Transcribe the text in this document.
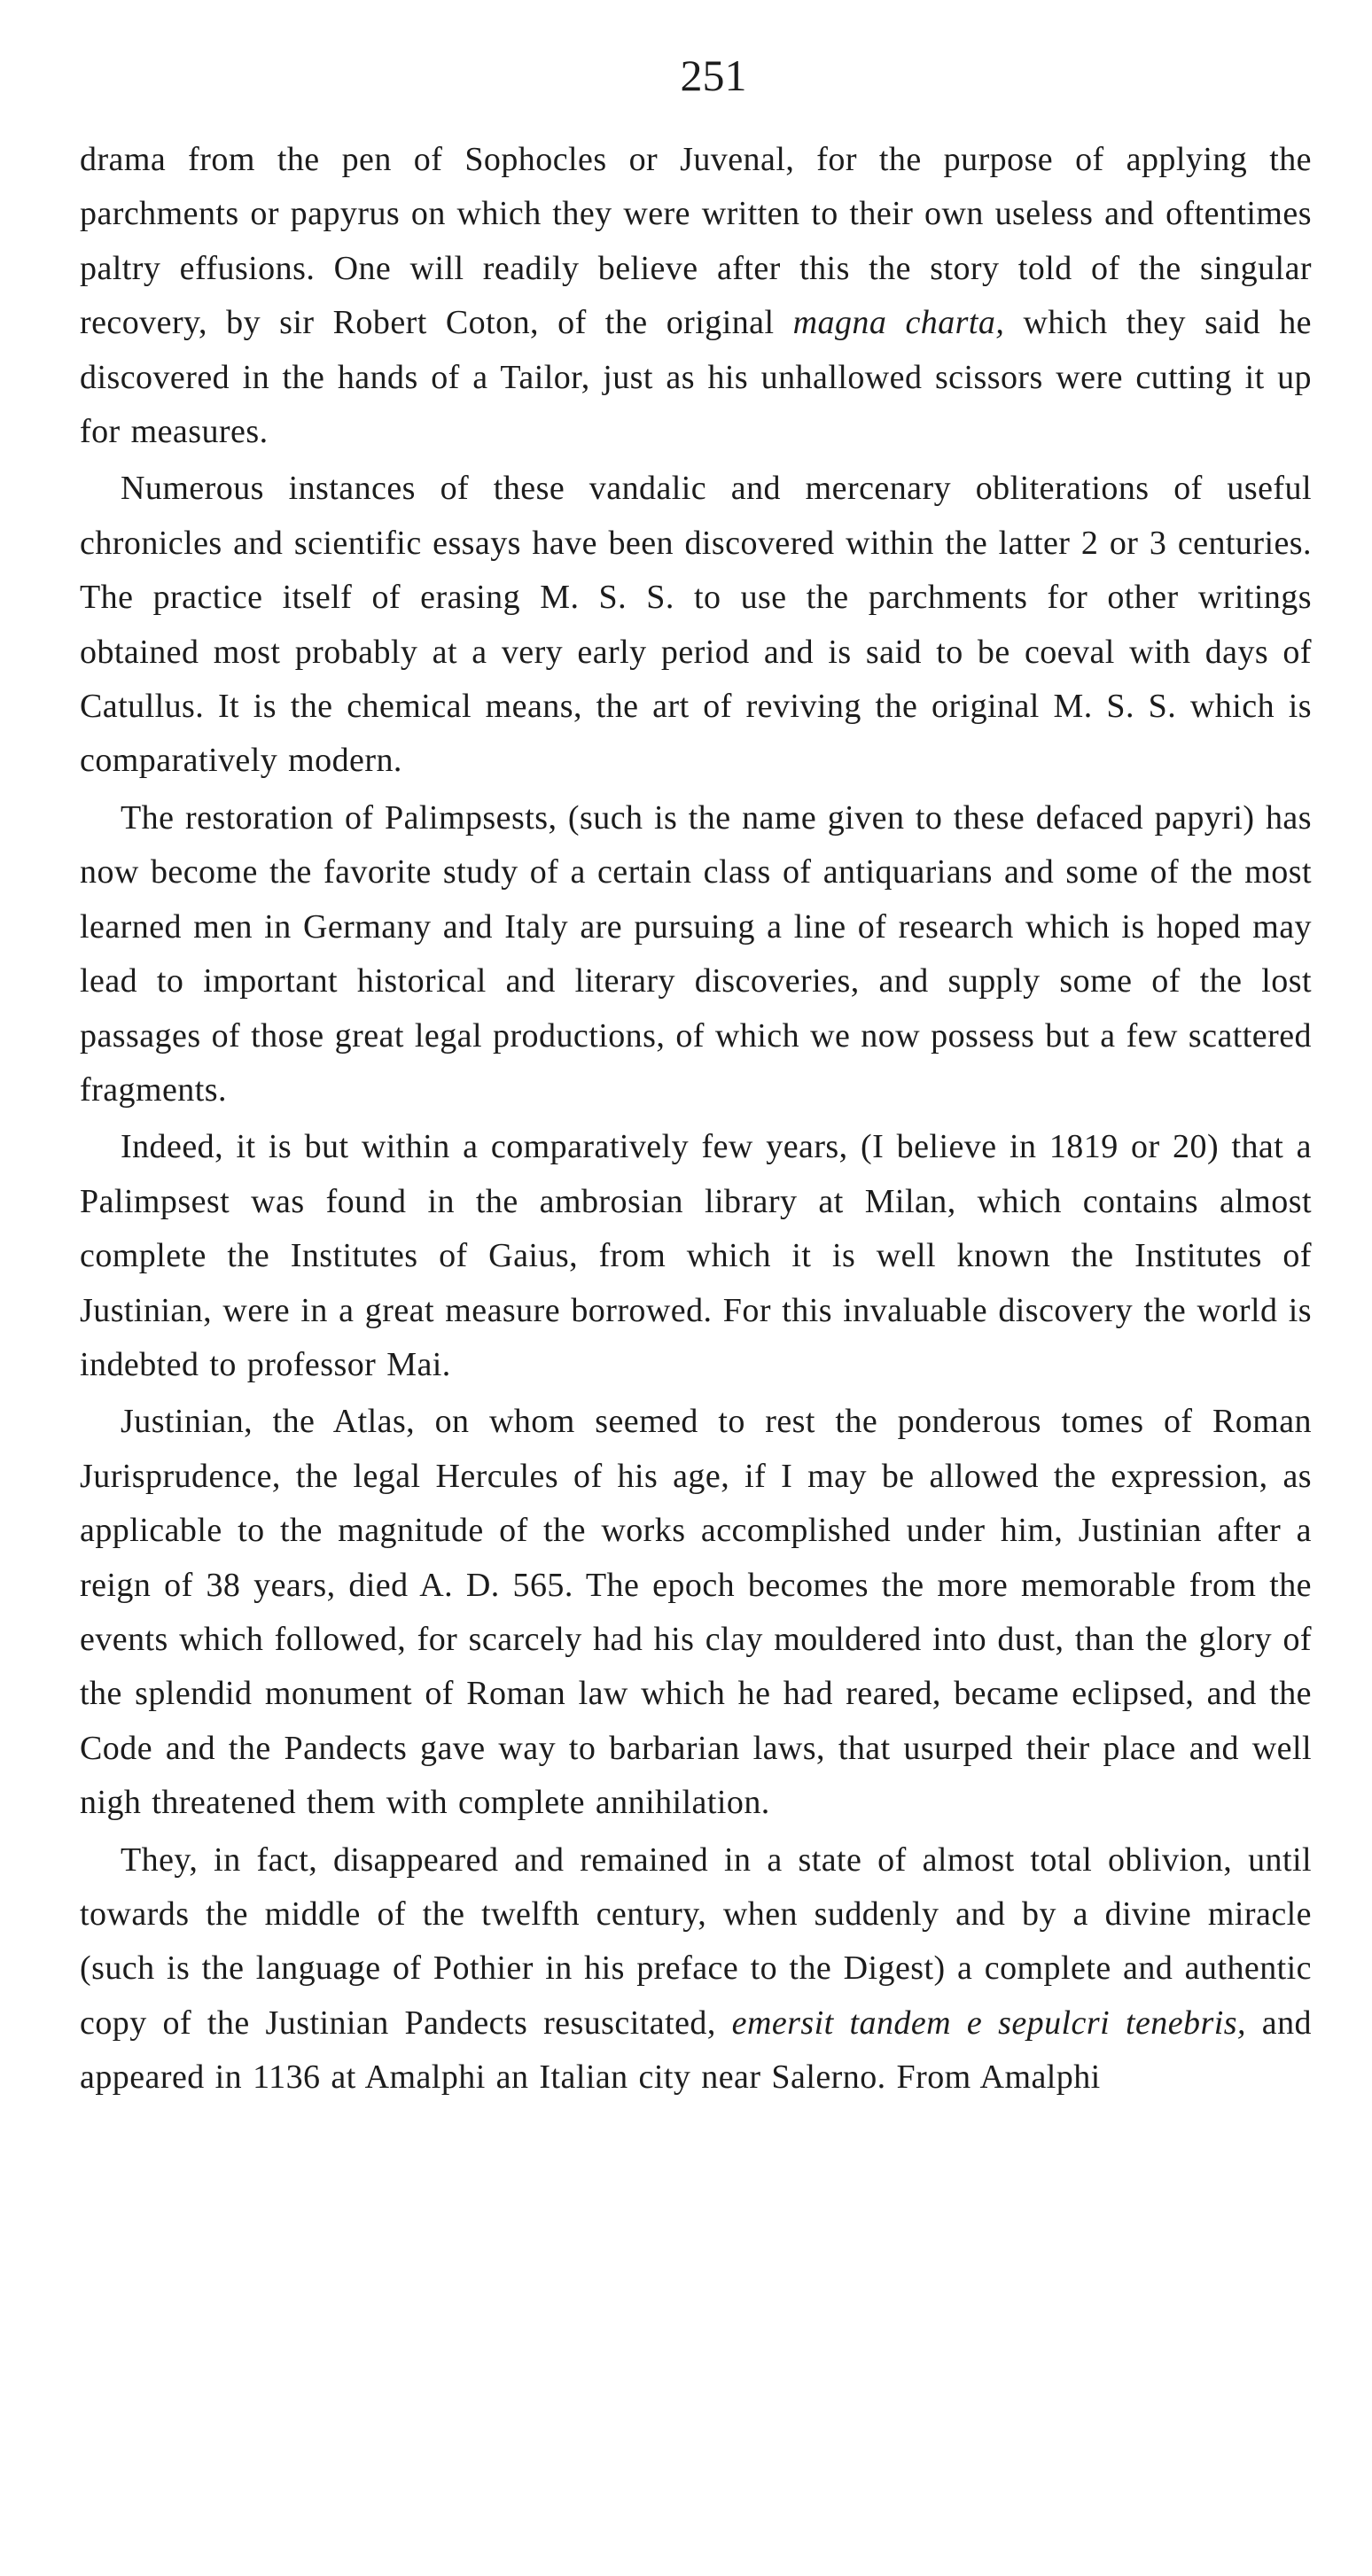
251

drama from the pen of Sophocles or Juvenal, for the purpose of applying the parchments or papyrus on which they were written to their own useless and oftentimes paltry effusions. One will readily believe after this the story told of the singular recovery, by sir Robert Coton, of the original magna charta, which they said he discovered in the hands of a Tailor, just as his unhallowed scissors were cutting it up for measures.

Numerous instances of these vandalic and mercenary obliterations of useful chronicles and scientific essays have been discovered within the latter 2 or 3 centuries. The practice itself of erasing M. S. S. to use the parchments for other writings obtained most probably at a very early period and is said to be coeval with days of Catullus. It is the chemical means, the art of reviving the original M. S. S. which is comparatively modern.

The restoration of Palimpsests, (such is the name given to these defaced papyri) has now become the favorite study of a certain class of antiquarians and some of the most learned men in Germany and Italy are pursuing a line of research which is hoped may lead to important historical and literary discoveries, and supply some of the lost passages of those great legal productions, of which we now possess but a few scattered fragments.

Indeed, it is but within a comparatively few years, (I believe in 1819 or 20) that a Palimpsest was found in the ambrosian library at Milan, which contains almost complete the Institutes of Gaius, from which it is well known the Institutes of Justinian, were in a great measure borrowed. For this invaluable discovery the world is indebted to professor Mai.

Justinian, the Atlas, on whom seemed to rest the ponderous tomes of Roman Jurisprudence, the legal Hercules of his age, if I may be allowed the expression, as applicable to the magnitude of the works accomplished under him, Justinian after a reign of 38 years, died A. D. 565. The epoch becomes the more memorable from the events which followed, for scarcely had his clay mouldered into dust, than the glory of the splendid monument of Roman law which he had reared, became eclipsed, and the Code and the Pandects gave way to barbarian laws, that usurped their place and well nigh threatened them with complete annihilation.

They, in fact, disappeared and remained in a state of almost total oblivion, until towards the middle of the twelfth century, when suddenly and by a divine miracle (such is the language of Pothier in his preface to the Digest) a complete and authentic copy of the Justinian Pandects resuscitated, emersit tandem e sepulcri tenebris, and appeared in 1136 at Amalphi an Italian city near Salerno. From Amalphi
